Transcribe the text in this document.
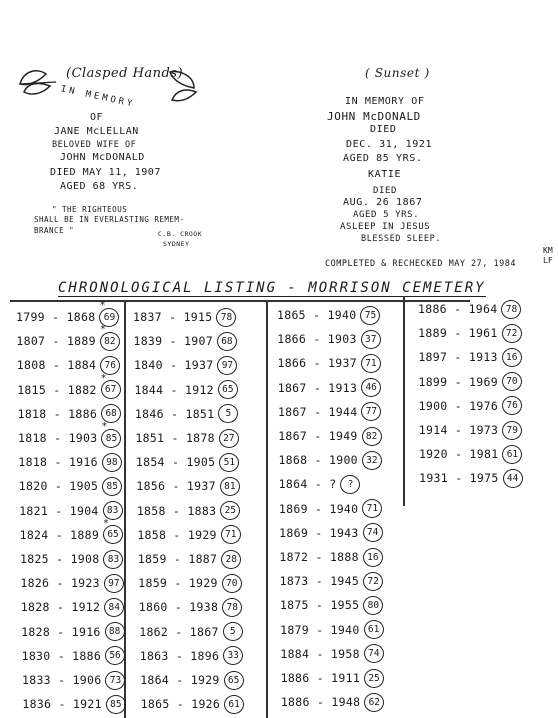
(Clasped Hands)
IN MEMORY
OF
JANE McLELLAN
BELOVED WIFE OF
JOHN McDONALD
DIED MAY 11, 1907
AGED 68 YRS.
" THE RIGHTEOUS
SHALL BE IN EVERLASTING REMEM-
BRANCE "	C.B. CROOK
SYDNEY
( Sunset )
IN MEMORY OF
JOHN McDONALD
DIED
DEC. 31, 1921
AGED 85 YRS.
KATIE
DIED
AUG. 26 1867
AGED 5 YRS.
ASLEEP IN JESUS
BLESSED SLEEP.
COMPLETED & RECHECKED MAY 27, 1984
KM
LF
CHRONOLOGICAL LISTING - MORRISON CEMETERY
1799 - 1868 69
*
1807 - 1889 82
*
1808 - 1884 76
1815 - 1882 67
*
1818 - 1886 68
1818 - 1903 85
*
1818 - 1916 98
1820 - 1905 85
1821 - 1904 83
1824 - 1889 65
*
1825 - 1908 83
1826 - 1923 97
1828 - 1912 84
1828 - 1916 88
1830 - 1886 56
1833 - 1906 73
1836 - 1921 85
1837 - 1915 78
1839 - 1907 68
1840 - 1937 97
1844 - 1912 65
1846 - 1851	5
1851 - 1878 27
1854 - 1905 51
1856 - 1937 81
1858 - 1883 25
1858 - 1929 71
1859 - 1887 28
1859 - 1929 70
1860 - 1938 78
1862 - 1867	5
1863 - 1896 33
1864 - 1929 65
1865 - 1926 61
1865 - 1940 75
1866 - 1903 37
1866 - 1937 71
1867 - 1913 46
1867 - 1944 77
1867 - 1949 82
1868 - 1900 32
1864 - ?	?
1869 - 1940 71
1869 - 1943 74
1872 - 1888 16
1873 - 1945 72
1875 - 1955 80
1879 - 1940 61
1884 - 1958 74
1886 - 1911 25
1886 - 1948 62
1886 - 1964 78
1889 - 1961 72
1897 - 1913 16
1899 - 1969 70
1900 - 1976 76
1914 - 1973 79
1920 - 1981 61
1931 - 1975 44
